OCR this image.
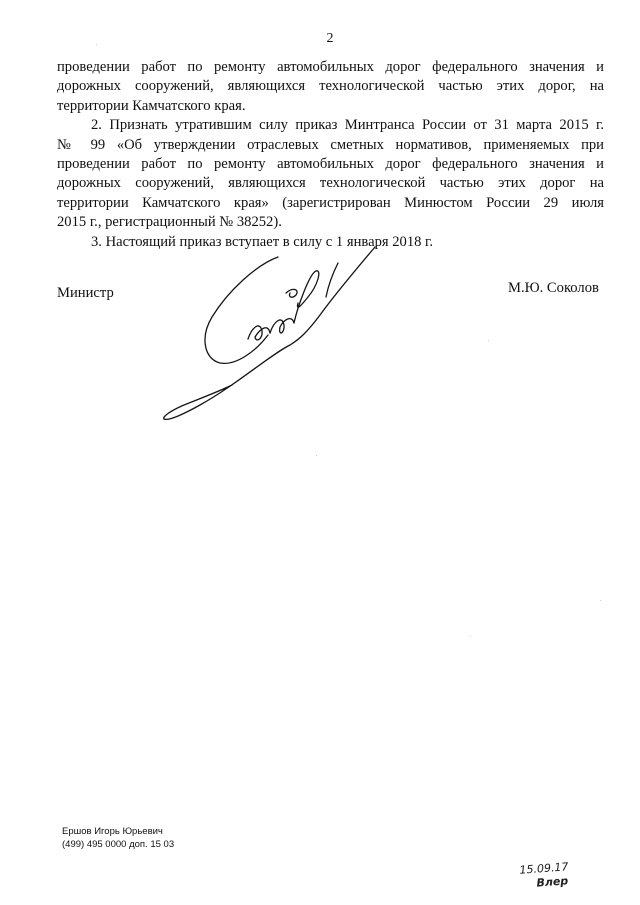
2

проведении работ по ремонту автомобильных дорог федерального значения и
дорожных сооружений, являющихся технологической частью этих дорог, на
территории Камчатского края.

2. Признать утратившим силу приказ Минтранса России от 31 марта 2015 г.
№ 99 «Об утверждении отраслевых сметных нормативов, применяемых при
проведении работ по ремонту автомобильных дорог федерального значения и
дорожных сооружений, являющихся технологической частью этих дорог на
территории Камчатского края» (зарегистрирован Минюстом России 29 июля
2015 г., регистрационный № 38252).

3. Настоящий приказ вступает в силу с 1 января 2018 г.

Министр	М.Ю. Соколов
Ершов Игорь Юрьевич
(499) 495 0000 доп. 15 03
15.09.17
Влер
